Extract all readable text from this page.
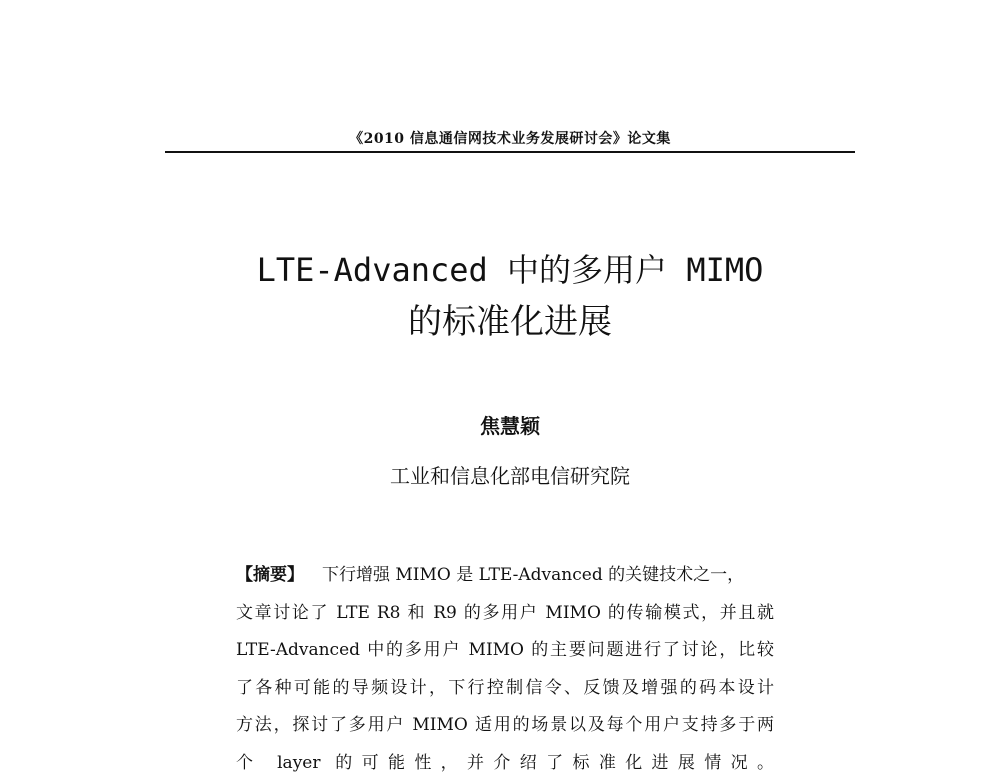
《2010 信息通信网技术业务发展研讨会》论文集
LTE-Advanced 中的多用户 MIMO
的标准化进展
焦慧颖
工业和信息化部电信研究院
【摘要】 下行增强 MIMO 是 LTE-Advanced 的关键技术之一，
文章讨论了 LTE R8 和 R9 的多用户 MIMO 的传输模式，并且就
LTE-Advanced 中的多用户 MIMO 的主要问题进行了讨论，比较
了各种可能的导频设计，下行控制信令、反馈及增强的码本设计
方法，探讨了多用户 MIMO 适用的场景以及每个用户支持多于两
个 layer 的可能性，并介绍了标准化进展情况。
